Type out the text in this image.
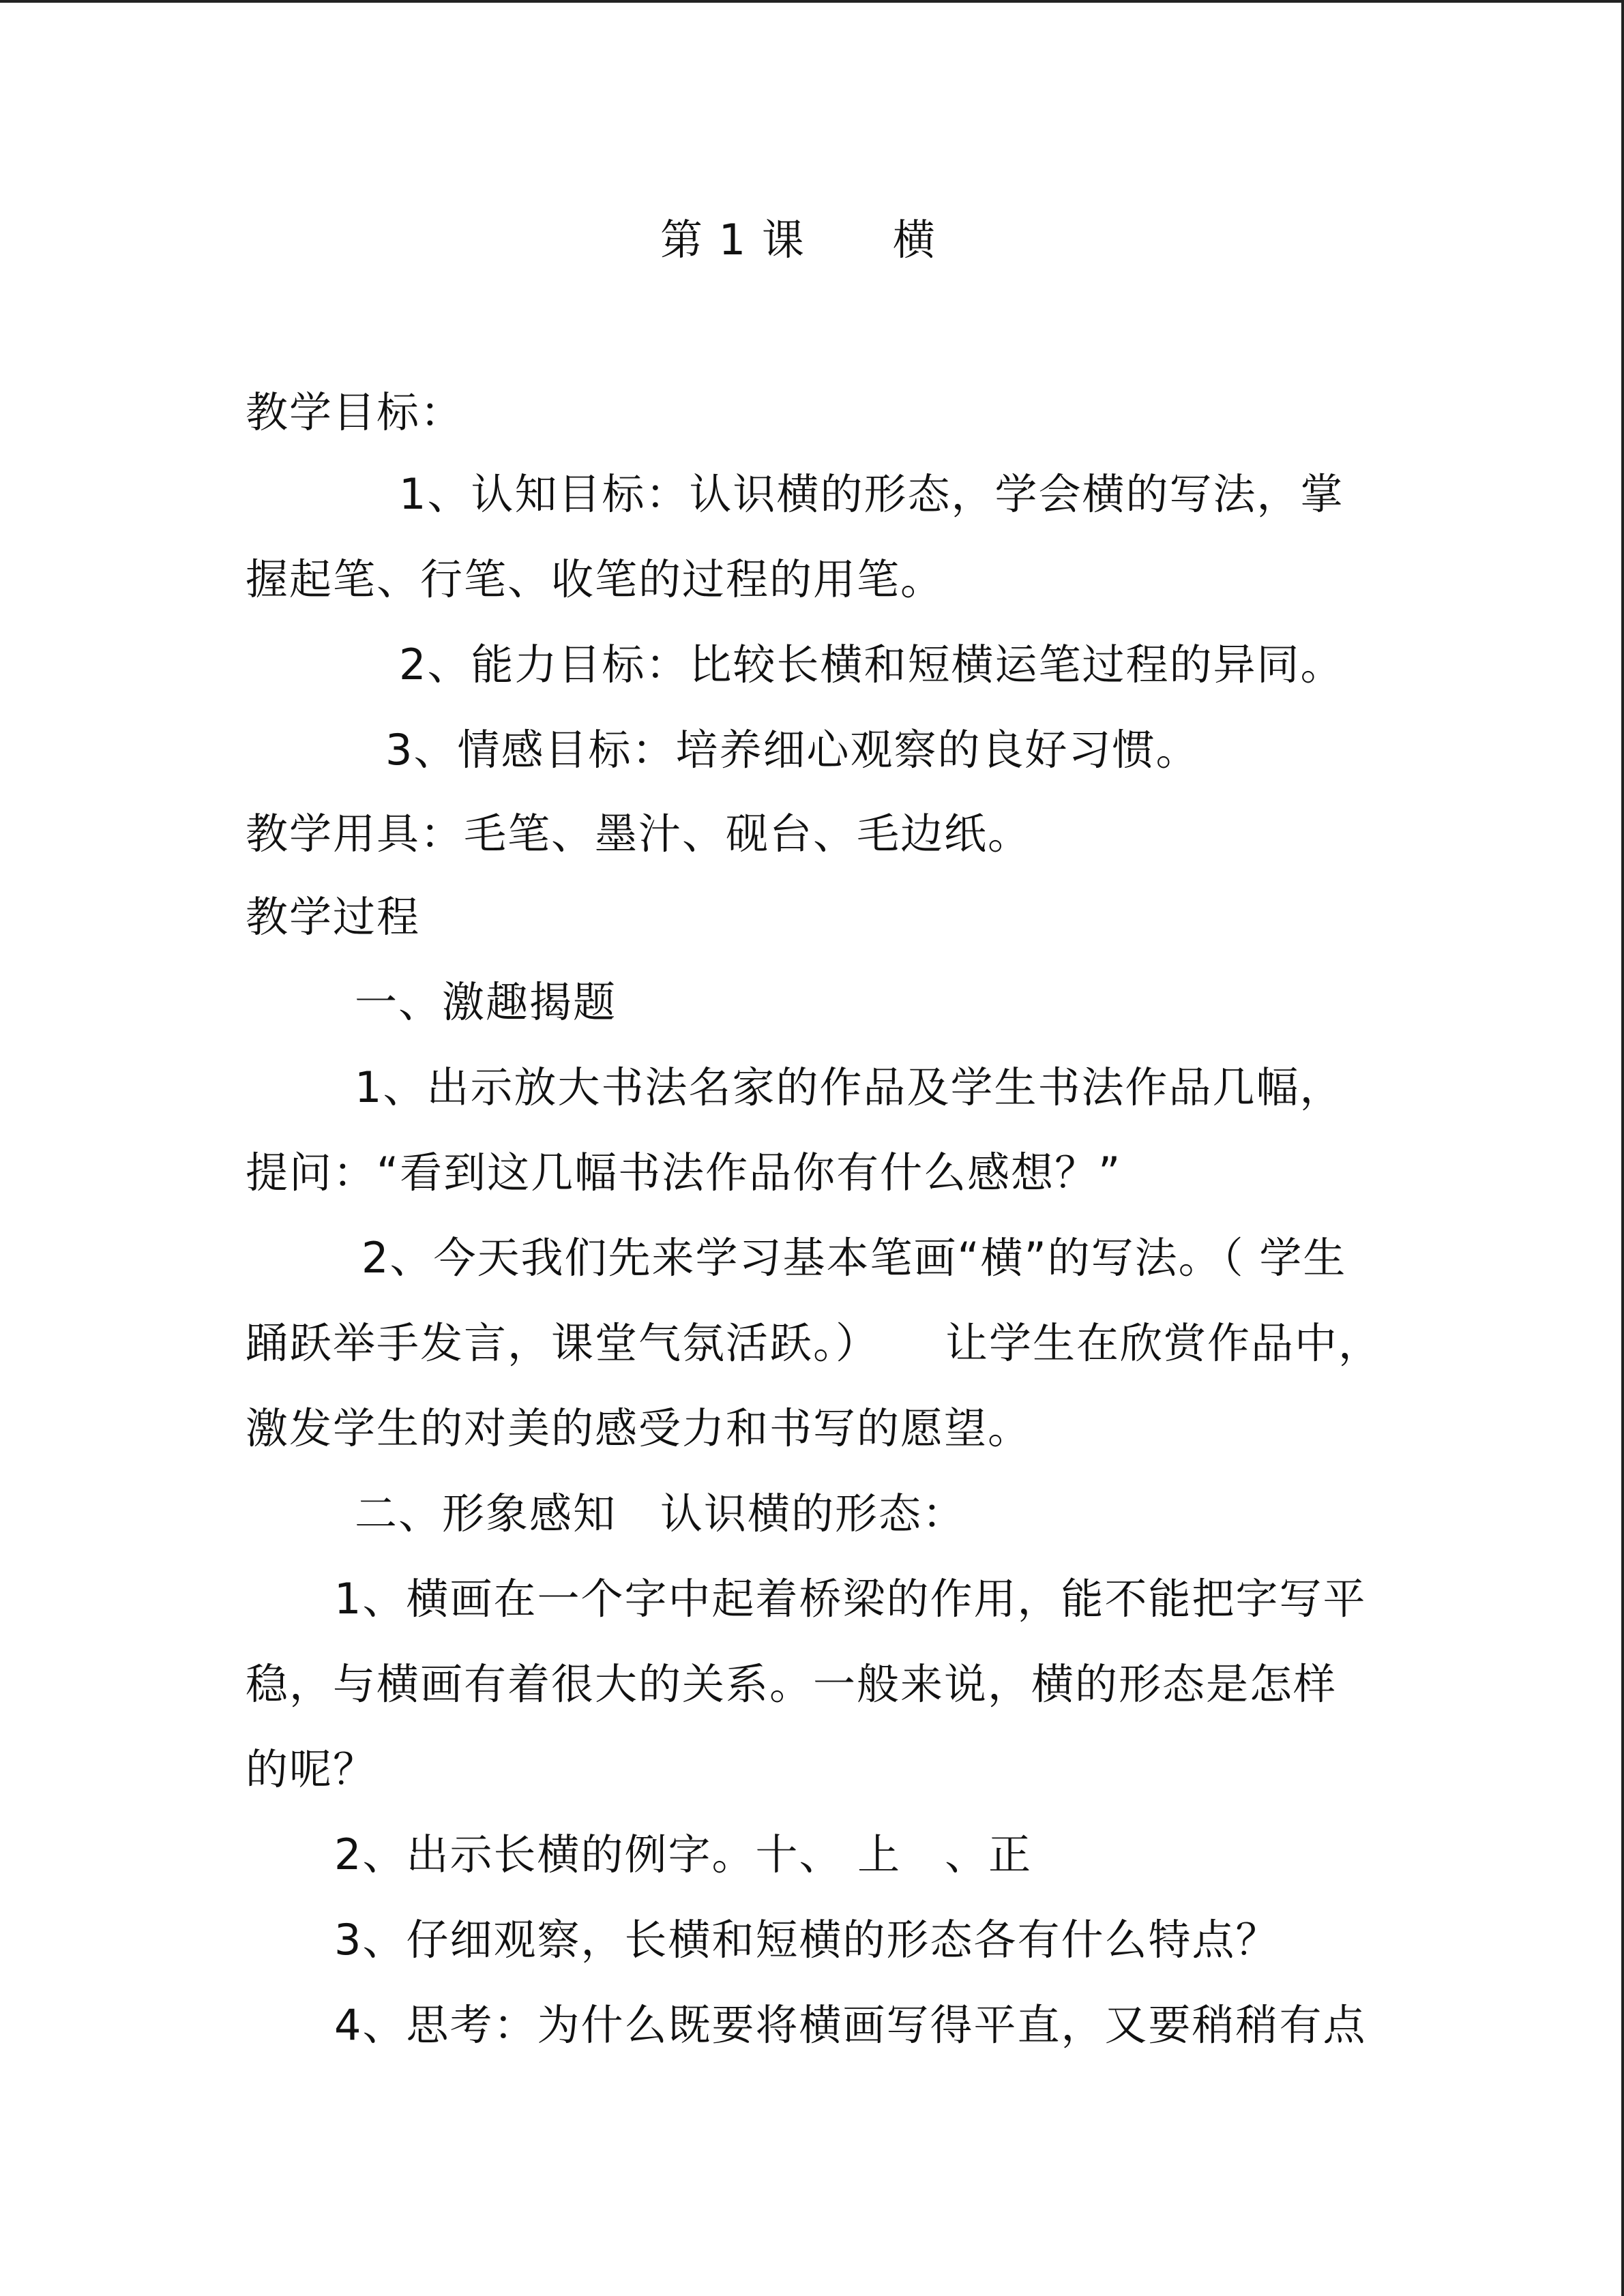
第 1 课　　横
教学目标：
1、认知目标：认识横的形态，学会横的写法，掌
握起笔、行笔、收笔的过程的用笔。
2、能力目标：比较长横和短横运笔过程的异同。
3、情感目标：培养细心观察的良好习惯。
教学用具：毛笔、墨汁、砚台、毛边纸。
教学过程
一、激趣揭题
1、出示放大书法名家的作品及学生书法作品几幅，
提问：“看到这几幅书法作品你有什么感想？”
2、今天我们先来学习基本笔画“横”的写法。（ 学生
踊跃举手发言，课堂气氛活跃。）　　让学生在欣赏作品中，
激发学生的对美的感受力和书写的愿望。
二、形象感知　认识横的形态：
1、横画在一个字中起着桥梁的作用，能不能把字写平
稳，与横画有着很大的关系。一般来说，横的形态是怎样
的呢？
2、出示长横的例字。十、 上　、正
3、仔细观察，长横和短横的形态各有什么特点？
4、思考：为什么既要将横画写得平直，又要稍稍有点
